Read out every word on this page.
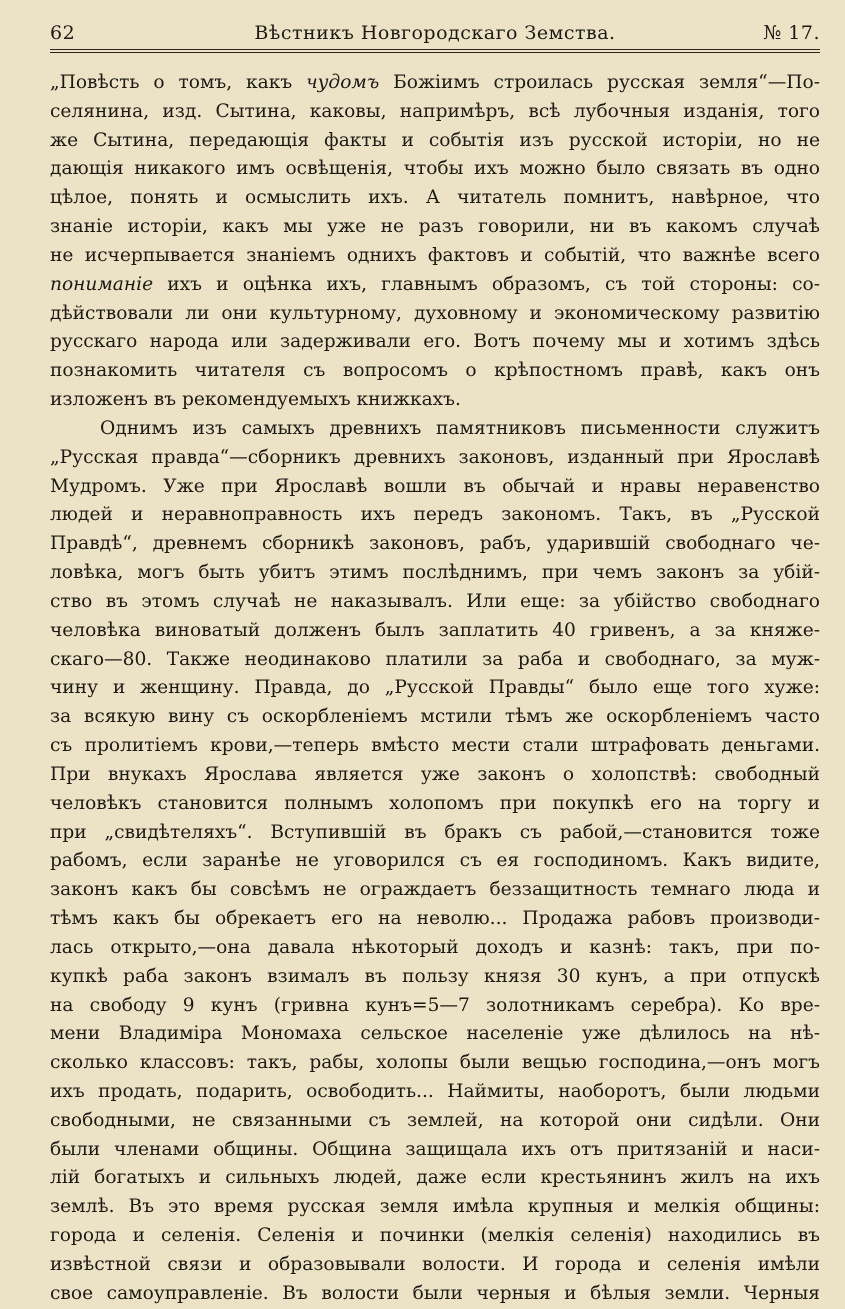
62	Вѣстникъ Новгородскаго Земства.	№ 17.
„Повѣсть о томъ, какъ чудомъ Божіимъ строилась русская земля“—По-
селянина, изд. Сытина, каковы, напримѣръ, всѣ лубочныя изданія, того
же Сытина, передающія факты и событія изъ русской исторіи, но не
дающія никакого имъ освѣщенія, чтобы ихъ можно было связать въ одно
цѣлое, понять и осмыслить ихъ. А читатель помнитъ, навѣрное, что
знаніе исторіи, какъ мы уже не разъ говорили, ни въ какомъ случаѣ
не исчерпывается знаніемъ однихъ фактовъ и событій, что важнѣе всего
пониманіе ихъ и оцѣнка ихъ, главнымъ образомъ, съ той стороны: со-
дѣйствовали ли они культурному, духовному и экономическому развитію
русскаго народа или задерживали его. Вотъ почему мы и хотимъ здѣсь
познакомить читателя съ вопросомъ о крѣпостномъ правѣ, какъ онъ
изложенъ въ рекомендуемыхъ книжкахъ.
Однимъ изъ самыхъ древнихъ памятниковъ письменности служитъ
„Русская правда“—сборникъ древнихъ законовъ, изданный при Ярославѣ
Мудромъ. Уже при Ярославѣ вошли въ обычай и нравы неравенство
людей и неравноправность ихъ передъ закономъ. Такъ, въ „Русской
Правдѣ“, древнемъ сборникѣ законовъ, рабъ, ударившій свободнаго че-
ловѣка, могъ быть убитъ этимъ послѣднимъ, при чемъ законъ за убій-
ство въ этомъ случаѣ не наказывалъ. Или еще: за убійство свободнаго
человѣка виноватый долженъ былъ заплатить 40 гривенъ, а за княже-
скаго—80. Также неодинаково платили за раба и свободнаго, за муж-
чину и женщину. Правда, до „Русской Правды“ было еще того хуже:
за всякую вину съ оскорбленіемъ мстили тѣмъ же оскорбленіемъ часто
съ пролитіемъ крови,—теперь вмѣсто мести стали штрафовать деньгами.
При внукахъ Ярослава является уже законъ о холопствѣ: свободный
человѣкъ становится полнымъ холопомъ при покупкѣ его на торгу и
при „свидѣтеляхъ“. Вступившій въ бракъ съ рабой,—становится тоже
рабомъ, если заранѣе не уговорился съ ея господиномъ. Какъ видите,
законъ какъ бы совсѣмъ не ограждаетъ беззащитность темнаго люда и
тѣмъ какъ бы обрекаетъ его на неволю... Продажа рабовъ производи-
лась открыто,—она давала нѣкоторый доходъ и казнѣ: такъ, при по-
купкѣ раба законъ взималъ въ пользу князя 30 кунъ, а при отпускѣ
на свободу 9 кунъ (гривна кунъ=5—7 золотникамъ серебра). Ко вре-
мени Владиміра Мономаха сельское населеніе уже дѣлилось на нѣ-
сколько классовъ: такъ, рабы, холопы были вещью господина,—онъ могъ
ихъ продать, подарить, освободить... Наймиты, наоборотъ, были людьми
свободными, не связанными съ землей, на которой они сидѣли. Они
были членами общины. Община защищала ихъ отъ притязаній и наси-
лій богатыхъ и сильныхъ людей, даже если крестьянинъ жилъ на ихъ
землѣ. Въ это время русская земля имѣла крупныя и мелкія общины:
города и селенія. Селенія и починки (мелкія селенія) находились въ
извѣстной связи и образовывали волости. И города и селенія имѣли
свое самоуправленіе. Въ волости были черныя и бѣлыя земли. Черныя
